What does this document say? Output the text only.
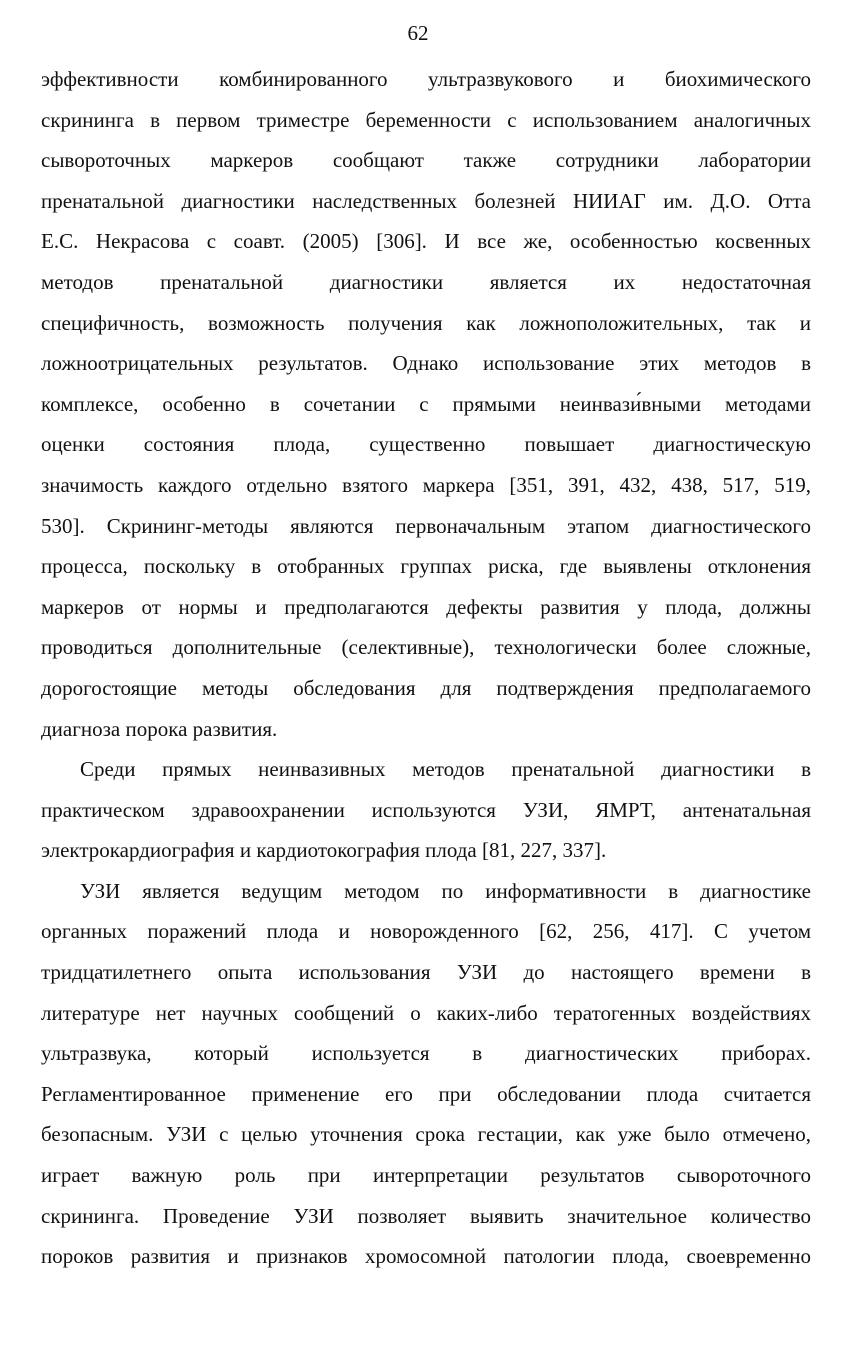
62
эффективности комбинированного ультразвукового и биохимического
скрининга в первом триместре беременности с использованием аналогичных
сывороточных маркеров сообщают также сотрудники лаборатории
пренатальной диагностики наследственных болезней НИИАГ им. Д.О. Отта
Е.С. Некрасова с соавт. (2005) [306]. И все же, особенностью косвенных
методов пренатальной диагностики является их недостаточная
специфичность, возможность получения как ложноположительных, так и
ложноотрицательных результатов. Однако использование этих методов в
комплексе, особенно в сочетании с прямыми неинвази́вными методами
оценки состояния плода, существенно повышает диагностическую
значимость каждого отдельно взятого маркера [351, 391, 432, 438, 517, 519,
530]. Скрининг-методы являются первоначальным этапом диагностического
процесса, поскольку в отобранных группах риска, где выявлены отклонения
маркеров от нормы и предполагаются дефекты развития у плода, должны
проводиться дополнительные (селективные), технологически более сложные,
дорогостоящие методы обследования для подтверждения предполагаемого
диагноза порока развития.
Среди прямых неинвазивных методов пренатальной диагностики в
практическом здравоохранении используются УЗИ, ЯМРТ, антенатальная
электрокардиография и кардиотокография плода [81, 227, 337].
УЗИ является ведущим методом по информативности в диагностике
органных поражений плода и новорожденного [62, 256, 417]. С учетом
тридцатилетнего опыта использования УЗИ до настоящего времени в
литературе нет научных сообщений о каких-либо тератогенных воздействиях
ультразвука, который используется в диагностических приборах.
Регламентированное применение его при обследовании плода считается
безопасным. УЗИ с целью уточнения срока гестации, как уже было отмечено,
играет важную роль при интерпретации результатов сывороточного
скрининга. Проведение УЗИ позволяет выявить значительное количество
пороков развития и признаков хромосомной патологии плода, своевременно
